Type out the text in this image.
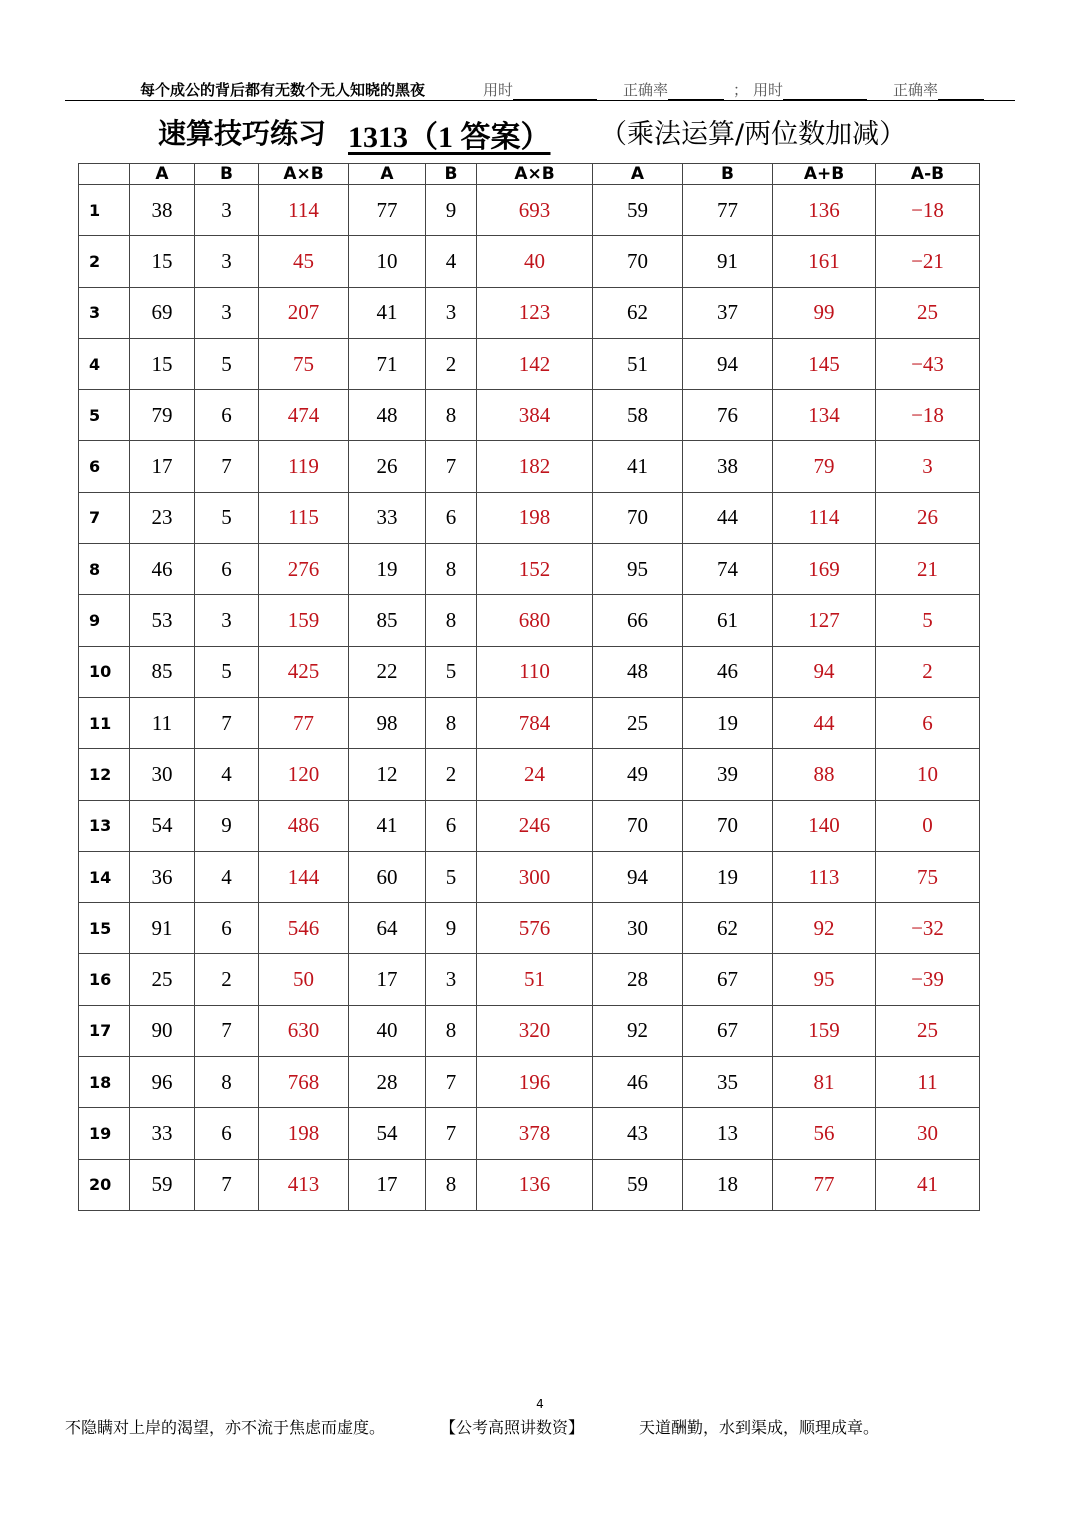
每个成公的背后都有无数个无人知晓的黑夜	用时	正确率	； 用时	正确率
速算技巧练习 1313（1 答案） （乘法运算/两位数加减）
	A	B	A×B	A	B	A×B	A	B	A+B	A-B
1	38	3	114	77	9	693	59	77	136	−18
2	15	3	45	10	4	40	70	91	161	−21
3	69	3	207	41	3	123	62	37	99	25
4	15	5	75	71	2	142	51	94	145	−43
5	79	6	474	48	8	384	58	76	134	−18
6	17	7	119	26	7	182	41	38	79	3
7	23	5	115	33	6	198	70	44	114	26
8	46	6	276	19	8	152	95	74	169	21
9	53	3	159	85	8	680	66	61	127	5
10	85	5	425	22	5	110	48	46	94	2
11	11	7	77	98	8	784	25	19	44	6
12	30	4	120	12	2	24	49	39	88	10
13	54	9	486	41	6	246	70	70	140	0
14	36	4	144	60	5	300	94	19	113	75
15	91	6	546	64	9	576	30	62	92	−32
16	25	2	50	17	3	51	28	67	95	−39
17	90	7	630	40	8	320	92	67	159	25
18	96	8	768	28	7	196	46	35	81	11
19	33	6	198	54	7	378	43	13	56	30
20	59	7	413	17	8	136	59	18	77	41
4
不隐瞒对上岸的渴望，亦不流于焦虑而虚度。	【公考高照讲数资】	天道酬勤，水到渠成，顺理成章。
